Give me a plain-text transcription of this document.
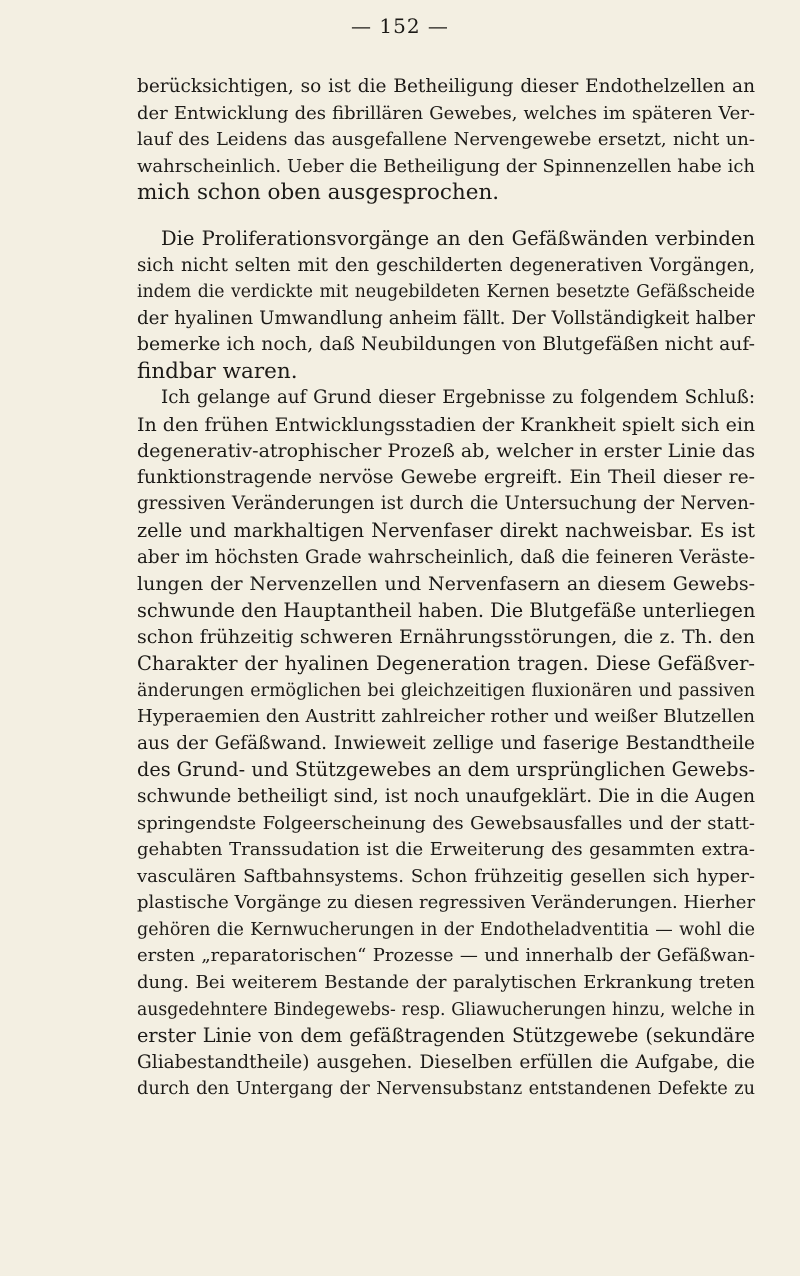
— 152 —
berücksichtigen, so ist die Betheiligung dieser Endothelzellen an
der Entwicklung des fibrillären Gewebes, welches im späteren Ver-
lauf des Leidens das ausgefallene Nervengewebe ersetzt, nicht un-
wahrscheinlich. Ueber die Betheiligung der Spinnenzellen habe ich
mich schon oben ausgesprochen.
Die Proliferationsvorgänge an den Gefäßwänden verbinden
sich nicht selten mit den geschilderten degenerativen Vorgängen,
indem die verdickte mit neugebildeten Kernen besetzte Gefäßscheide
der hyalinen Umwandlung anheim fällt. Der Vollständigkeit halber
bemerke ich noch, daß Neubildungen von Blutgefäßen nicht auf-
findbar waren.
Ich gelange auf Grund dieser Ergebnisse zu folgendem Schluß:
In den frühen Entwicklungsstadien der Krankheit spielt sich ein
degenerativ-atrophischer Prozeß ab, welcher in erster Linie das
funktionstragende nervöse Gewebe ergreift. Ein Theil dieser re-
gressiven Veränderungen ist durch die Untersuchung der Nerven-
zelle und markhaltigen Nervenfaser direkt nachweisbar. Es ist
aber im höchsten Grade wahrscheinlich, daß die feineren Veräste-
lungen der Nervenzellen und Nervenfasern an diesem Gewebs-
schwunde den Hauptantheil haben. Die Blutgefäße unterliegen
schon frühzeitig schweren Ernährungsstörungen, die z. Th. den
Charakter der hyalinen Degeneration tragen. Diese Gefäßver-
änderungen ermöglichen bei gleichzeitigen fluxionären und passiven
Hyperaemien den Austritt zahlreicher rother und weißer Blutzellen
aus der Gefäßwand. Inwieweit zellige und faserige Bestandtheile
des Grund- und Stützgewebes an dem ursprünglichen Gewebs-
schwunde betheiligt sind, ist noch unaufgeklärt. Die in die Augen
springendste Folgeerscheinung des Gewebsausfalles und der statt-
gehabten Transsudation ist die Erweiterung des gesammten extra-
vasculären Saftbahnsystems. Schon frühzeitig gesellen sich hyper-
plastische Vorgänge zu diesen regressiven Veränderungen. Hierher
gehören die Kernwucherungen in der Endotheladventitia — wohl die
ersten „reparatorischen“ Prozesse — und innerhalb der Gefäßwan-
dung. Bei weiterem Bestande der paralytischen Erkrankung treten
ausgedehntere Bindegewebs- resp. Gliawucherungen hinzu, welche in
erster Linie von dem gefäßtragenden Stützgewebe (sekundäre
Gliabestandtheile) ausgehen. Dieselben erfüllen die Aufgabe, die
durch den Untergang der Nervensubstanz entstandenen Defekte zu
